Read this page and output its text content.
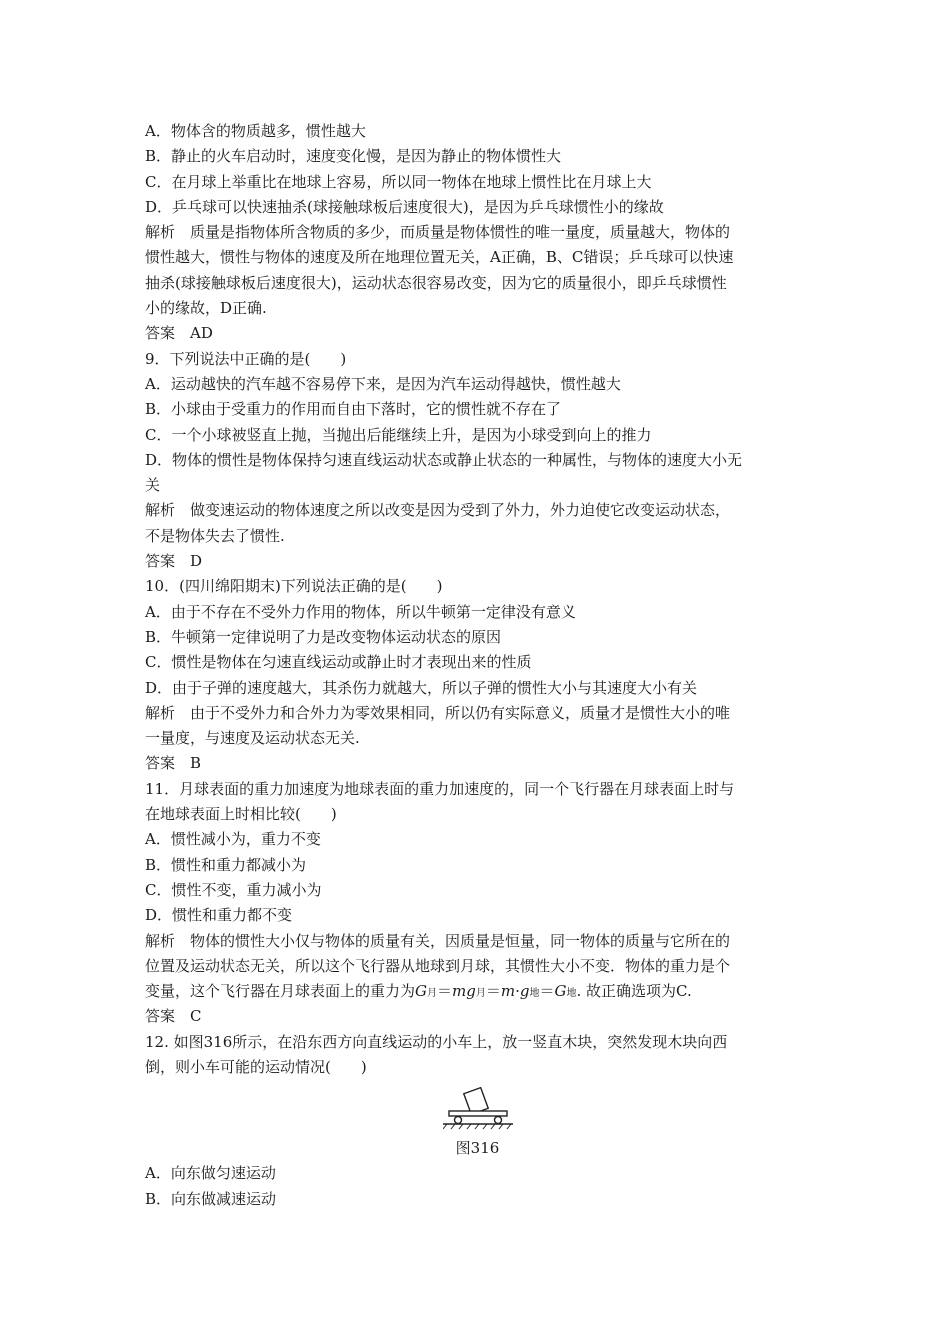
A．物体含的物质越多，惯性越大
B．静止的火车启动时，速度变化慢，是因为静止的物体惯性大
C．在月球上举重比在地球上容易，所以同一物体在地球上惯性比在月球上大
D．乒乓球可以快速抽杀(球接触球板后速度很大)，是因为乒乓球惯性小的缘故
解析　质量是指物体所含物质的多少，而质量是物体惯性的唯一量度，质量越大，物体的
惯性越大，惯性与物体的速度及所在地理位置无关，A正确，B、C错误；乒乓球可以快速
抽杀(球接触球板后速度很大)，运动状态很容易改变，因为它的质量很小，即乒乓球惯性
小的缘故，D正确.
答案　AD
9．下列说法中正确的是(　　)
A．运动越快的汽车越不容易停下来，是因为汽车运动得越快，惯性越大
B．小球由于受重力的作用而自由下落时，它的惯性就不存在了
C．一个小球被竖直上抛，当抛出后能继续上升，是因为小球受到向上的推力
D．物体的惯性是物体保持匀速直线运动状态或静止状态的一种属性，与物体的速度大小无
关
解析　做变速运动的物体速度之所以改变是因为受到了外力，外力迫使它改变运动状态，
不是物体失去了惯性.
答案　D
10．(四川绵阳期末)下列说法正确的是(　　)
A．由于不存在不受外力作用的物体，所以牛顿第一定律没有意义
B．牛顿第一定律说明了力是改变物体运动状态的原因
C．惯性是物体在匀速直线运动或静止时才表现出来的性质
D．由于子弹的速度越大，其杀伤力就越大，所以子弹的惯性大小与其速度大小有关
解析　由于不受外力和合外力为零效果相同，所以仍有实际意义，质量才是惯性大小的唯
一量度，与速度及运动状态无关.
答案　B
11．月球表面的重力加速度为地球表面的重力加速度的，同一个飞行器在月球表面上时与
在地球表面上时相比较(　　)
A．惯性减小为，重力不变
B．惯性和重力都减小为
C．惯性不变，重力减小为
D．惯性和重力都不变
解析　物体的惯性大小仅与物体的质量有关，因质量是恒量，同一物体的质量与它所在的
位置及运动状态无关，所以这个飞行器从地球到月球，其惯性大小不变．物体的重力是个
变量，这个飞行器在月球表面上的重力为G月＝mg月＝m·g地＝G地. 故正确选项为C.
答案　C
12. 如图316所示，在沿东西方向直线运动的小车上，放一竖直木块，突然发现木块向西
倒，则小车可能的运动情况(　　)
图316
A．向东做匀速运动
B．向东做减速运动
